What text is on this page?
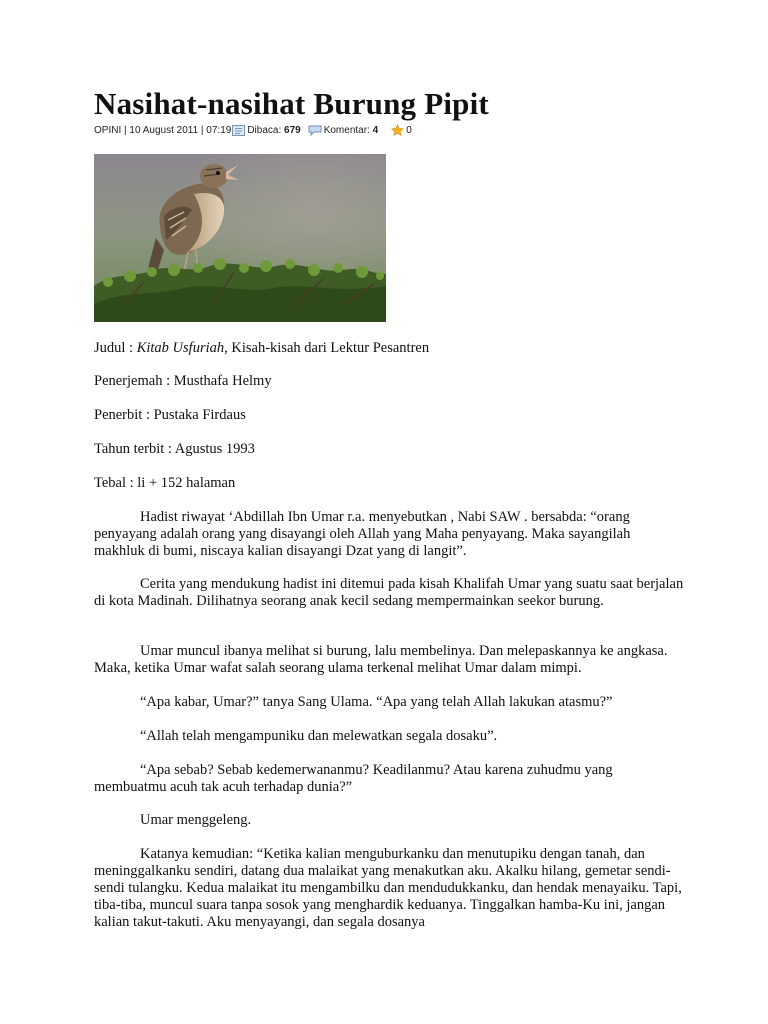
Nasihat-nasihat Burung Pipit
OPINI | 10 August 2011 | 07:19 Dibaca:
679 Komentar:
4	0

Judul : Kitab Usfuriah, Kisah-kisah dari Lektur Pesantren

Penerjemah : Musthafa Helmy

Penerbit : Pustaka Firdaus

Tahun terbit : Agustus 1993

Tebal : li + 152 halaman

Hadist riwayat ‘Abdillah Ibn Umar r.a. menyebutkan , Nabi SAW . bersabda: “orang penyayang adalah orang yang disayangi oleh Allah yang Maha penyayang. Maka sayangilah makhluk di bumi, niscaya kalian disayangi Dzat yang di langit”.

Cerita yang mendukung hadist ini ditemui pada kisah Khalifah Umar yang suatu saat berjalan di kota Madinah. Dilihatnya seorang anak kecil sedang mempermainkan seekor burung.

Umar muncul ibanya melihat si burung, lalu membelinya. Dan melepaskannya ke angkasa. Maka, ketika Umar wafat salah seorang ulama terkenal melihat Umar dalam mimpi.

“Apa kabar, Umar?” tanya Sang Ulama. “Apa yang telah Allah lakukan atasmu?”

“Allah telah mengampuniku dan melewatkan segala dosaku”.

“Apa sebab? Sebab kedemerwananmu? Keadilanmu? Atau karena zuhudmu yang membuatmu acuh tak acuh terhadap dunia?”

Umar menggeleng.

Katanya kemudian: “Ketika kalian menguburkanku dan menutupiku dengan tanah, dan meninggalkanku sendiri, datang dua malaikat yang menakutkan aku. Akalku hilang, gemetar sendi-sendi tulangku. Kedua malaikat itu mengambilku dan mendudukkanku, dan hendak menayaiku. Tapi, tiba-tiba, muncul suara tanpa sosok yang menghardik keduanya. Tinggalkan hamba-Ku ini, jangan kalian takut-takuti. Aku menyayangi, dan segala dosanya
